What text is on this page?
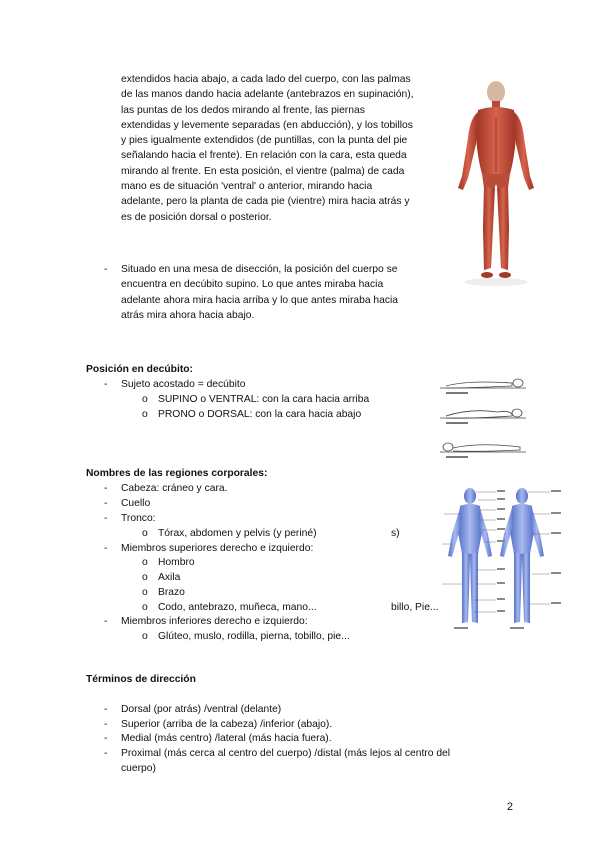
extendidos hacia abajo, a cada lado del cuerpo, con las palmas

de las manos dando hacia adelante (antebrazos en supinación),

las puntas de los dedos mirando al frente, las piernas

extendidas y levemente separadas (en abducción), y los tobillos

y pies igualmente extendidos (de puntillas, con la punta del pie

señalando hacia el frente). En relación con la cara, esta queda

mirando al frente. En esta posición, el vientre (palma) de cada

mano es de situación 'ventral' o anterior, mirando hacia

adelante, pero la planta de cada pie (vientre) mira hacia atrás y

es de posición dorsal o posterior.

-	Situado en una mesa de disección, la posición del cuerpo se
encuentra en decúbito supino. Lo que antes miraba hacia
adelante ahora mira hacia arriba y lo que antes miraba hacia
atrás mira ahora hacia abajo.
Posición en decúbito:
-	Sujeto acostado = decúbito
o SUPINO o VENTRAL: con la cara hacia arriba
o PRONO o DORSAL: con la cara hacia abajo
Nombres de las regiones corporales:
-	Cabeza: cráneo y cara.
-	Cuello
-	Tronco:
o Tórax, abdomen y pelvis (y periné)
-	Miembros superiores derecho e izquierdo:
o Hombro
o Axila
o Brazo
o Codo, antebrazo, muñeca, mano...
-	Miembros inferiores derecho e izquierdo:
o Glúteo, muslo, rodilla, pierna, tobillo, pie...
s)
billo, Pie...
Términos de dirección
-	Dorsal (por atrás) /ventral (delante)
-	Superior (arriba de la cabeza) /inferior (abajo).
-	Medial (más centro) /lateral (más hacia fuera).
-	Proximal (más cerca al centro del cuerpo) /distal (más lejos al centro del
cuerpo)
2
